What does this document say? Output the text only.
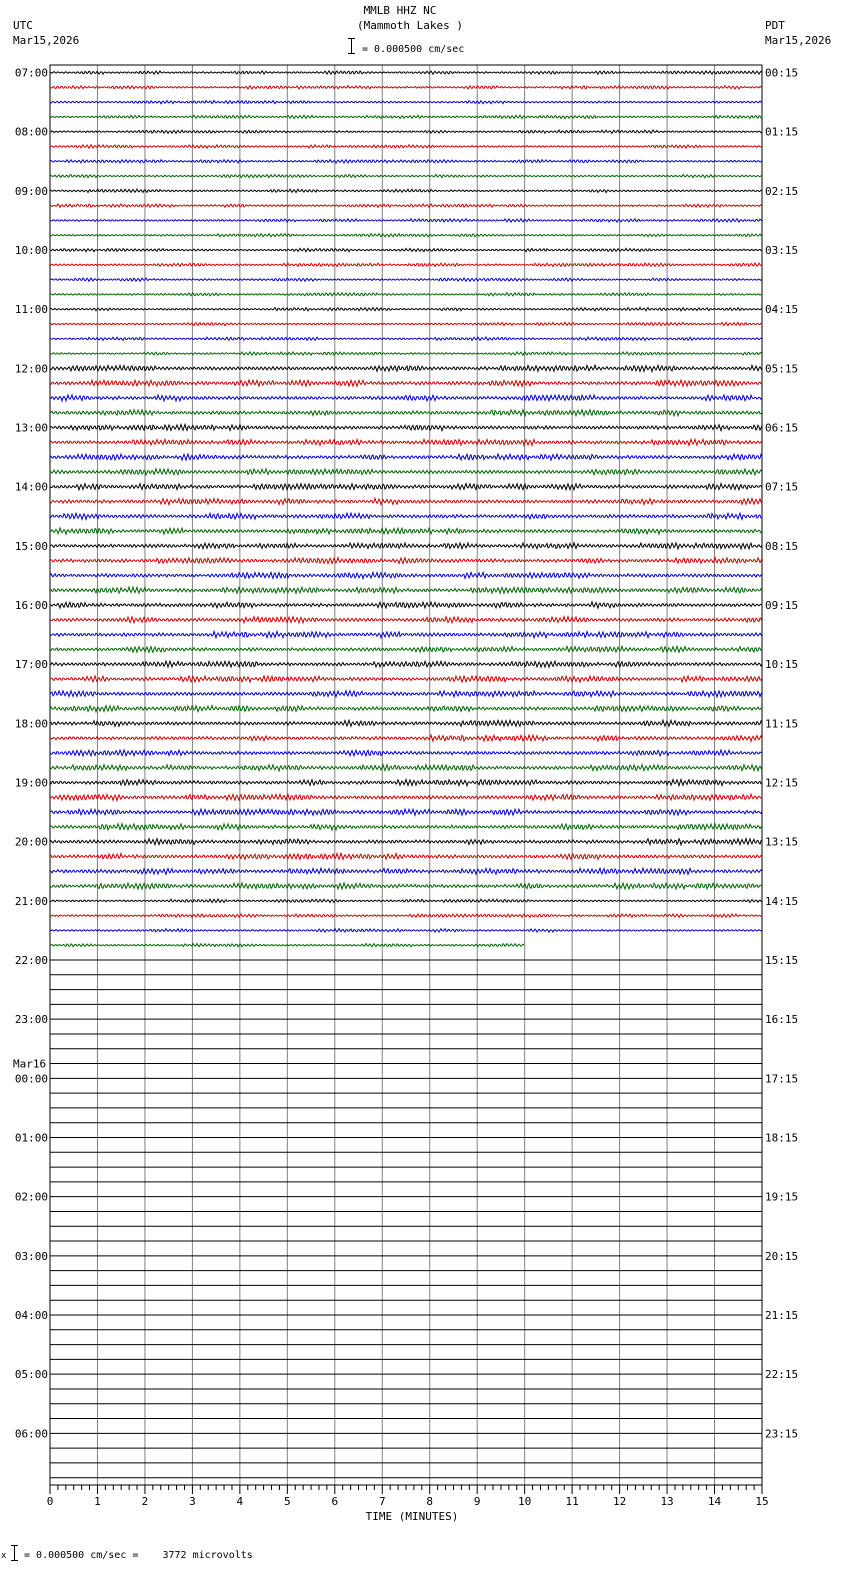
MMLB HHZ NC
(Mammoth Lakes )
= 0.000500 cm/sec
UTC
Mar15,2026
PDT
Mar15,2026
07:00	00:15
08:00	01:15
09:00	02:15
10:00	03:15
11:00	04:15
12:00	05:15
13:00	06:15
14:00	07:15
15:00	08:15
16:00	09:15
17:00	10:15
18:00	11:15
19:00	12:15
20:00	13:15
21:00	14:15
22:00	15:15
23:00	16:15
00:00	17:15
01:00	18:15
02:00	19:15
03:00	20:15
04:00	21:15
05:00	22:15
06:00	23:15
Mar16
0	1	2	3	4	5	6	7	8	9	10	11	12	13	14	15
TIME (MINUTES)
x = 0.000500 cm/sec =    3772 microvolts
